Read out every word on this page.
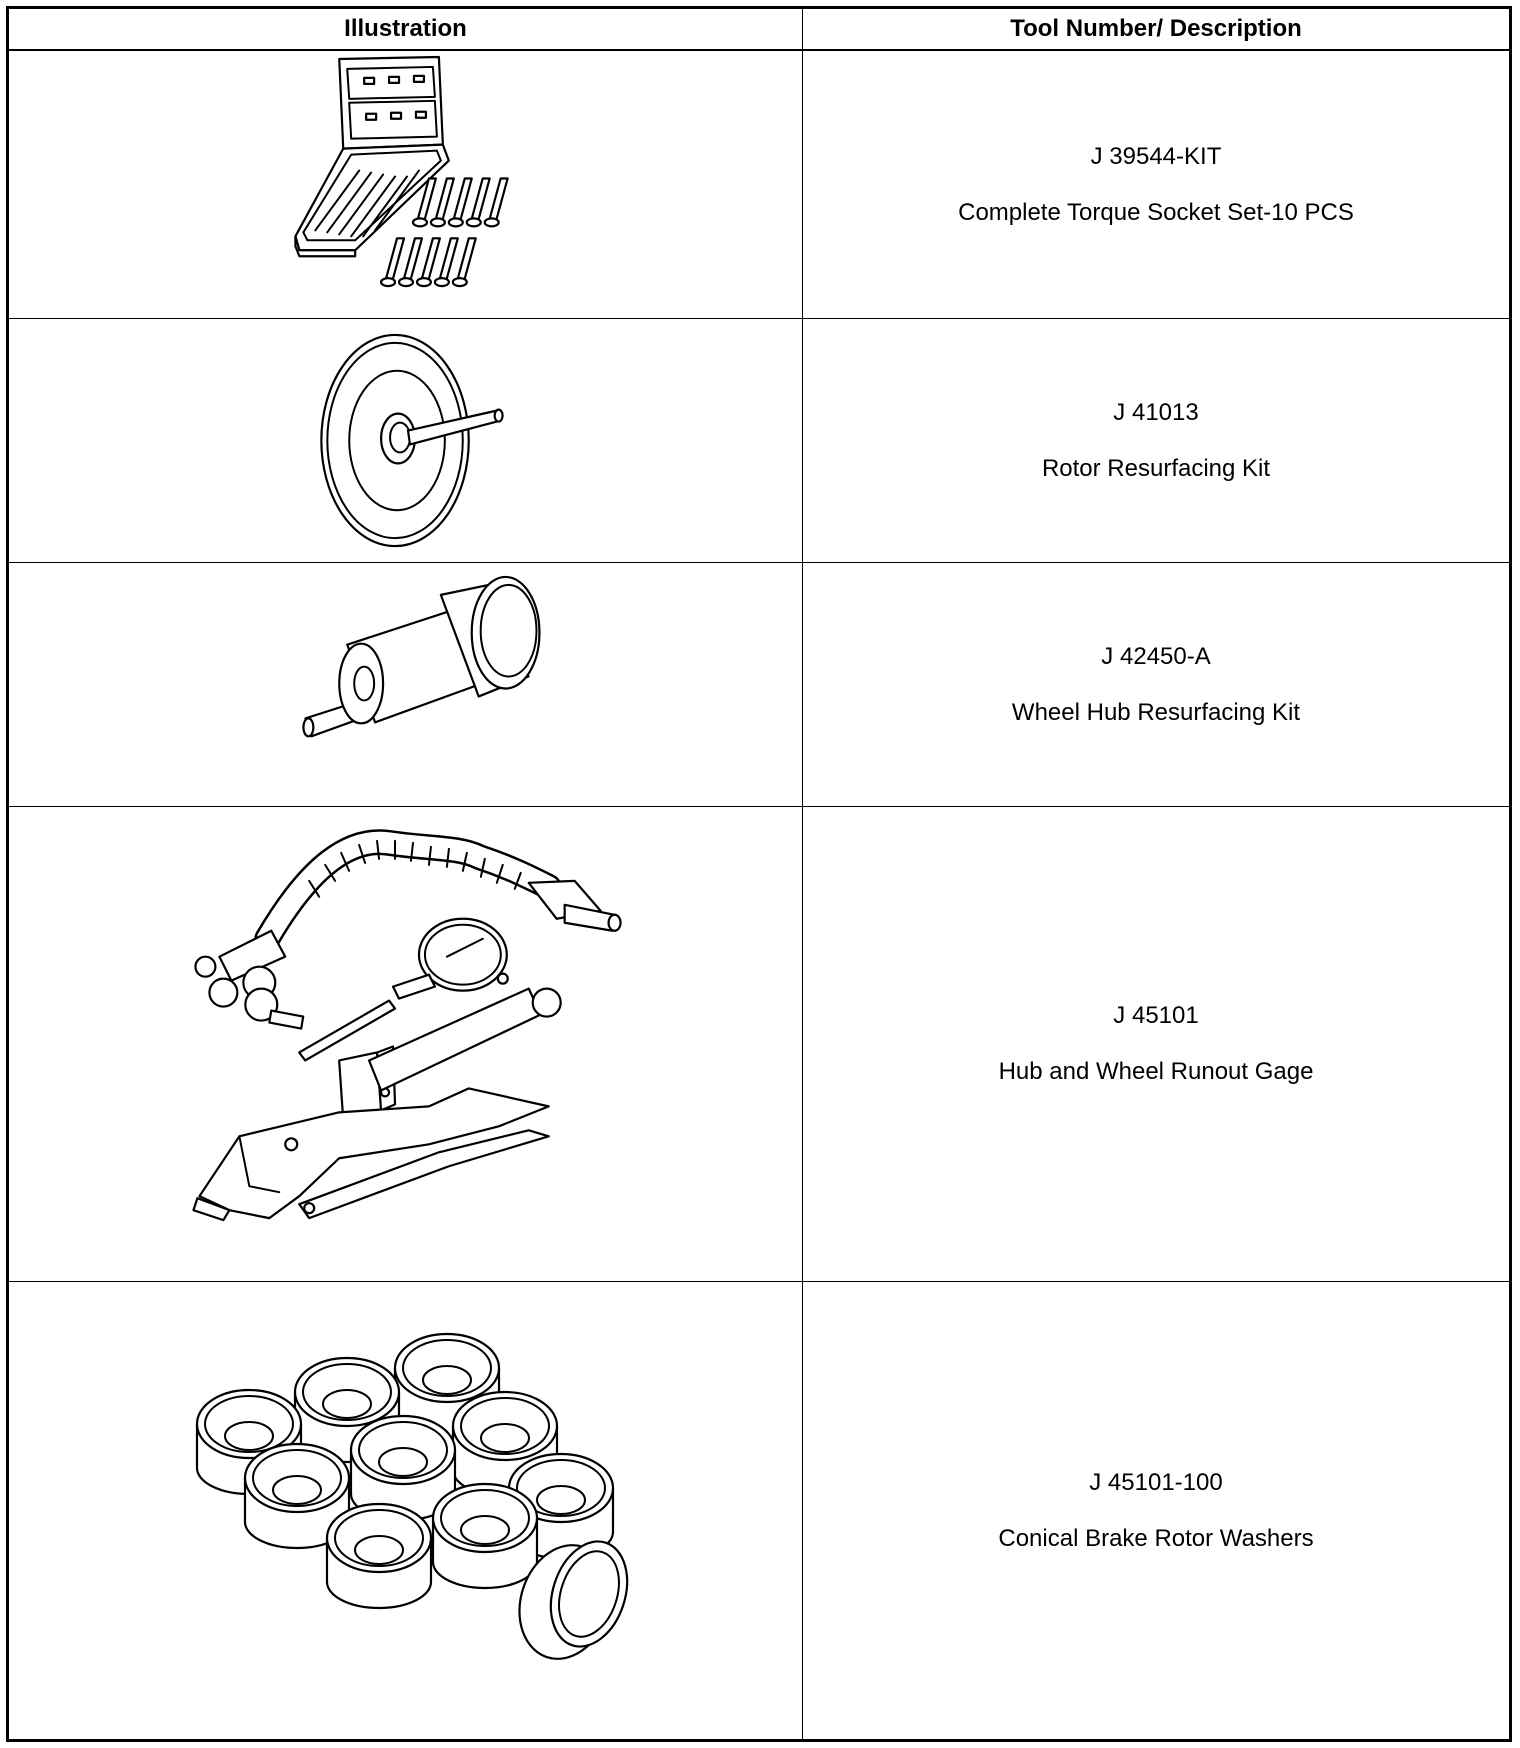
Illustration	Tool Number/ Description
J 39544-KIT
Complete Torque Socket Set-10 PCS
J 41013
Rotor Resurfacing Kit
J 42450-A
Wheel Hub Resurfacing Kit
J 45101
Hub and Wheel Runout Gage
J 45101-100
Conical Brake Rotor Washers
